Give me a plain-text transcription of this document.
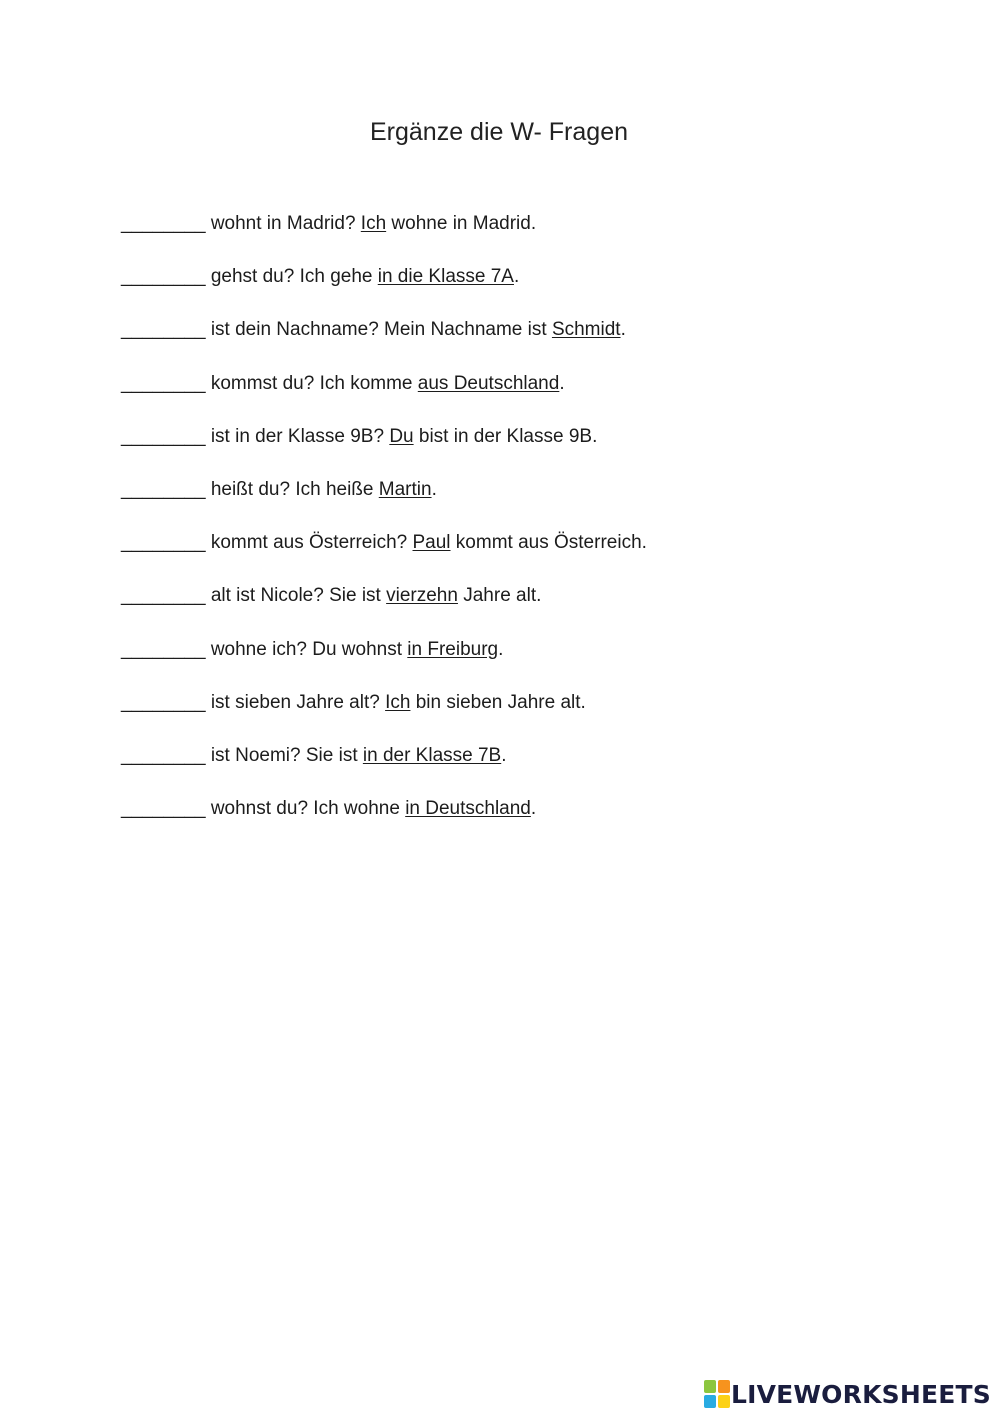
Ergänze die W- Fragen
________ wohnt in Madrid? Ich wohne in Madrid.
________ gehst du? Ich gehe in die Klasse 7A.
________ ist dein Nachname? Mein Nachname ist Schmidt.
________ kommst du? Ich komme aus Deutschland.
________ ist in der Klasse 9B? Du bist in der Klasse 9B.
________ heißt du? Ich heiße Martin.
________ kommt aus Österreich? Paul kommt aus Österreich.
________ alt ist Nicole? Sie ist vierzehn Jahre alt.
________ wohne ich? Du wohnst in Freiburg.
________ ist sieben Jahre alt? Ich bin sieben Jahre alt.
________ ist Noemi? Sie ist in der Klasse 7B.
________ wohnst du? Ich wohne in Deutschland.
LIVEWORKSHEETS
